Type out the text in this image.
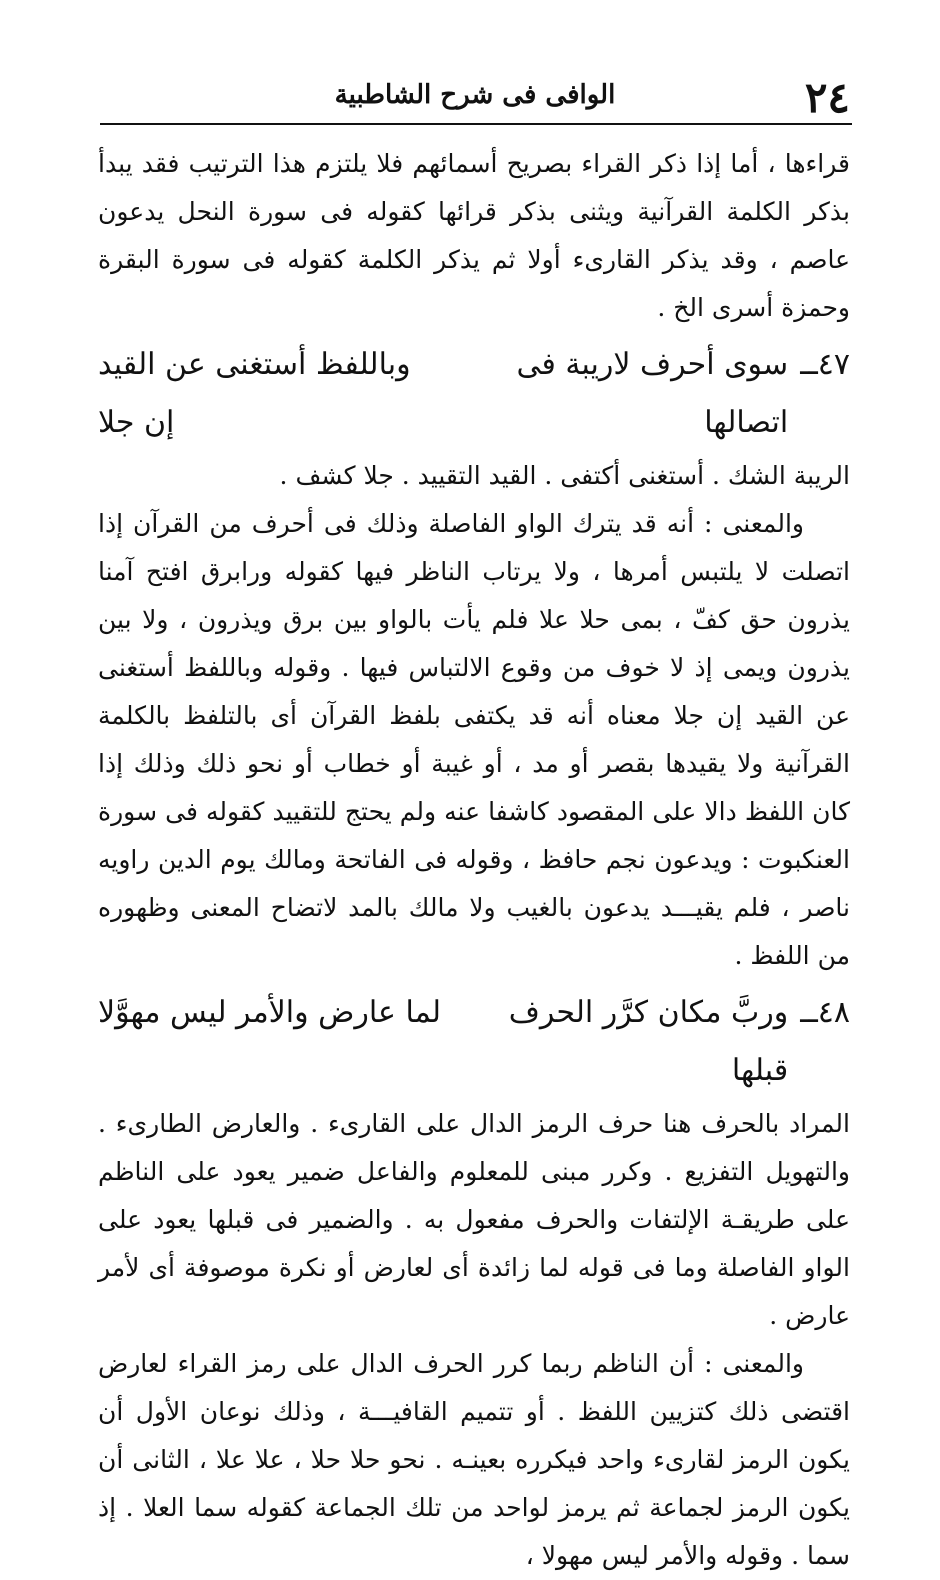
٢٤
الوافى فى شرح الشاطبية

قراءها ، أما إذا ذكر القراء بصريح أسمائهم فلا يلتزم هذا الترتيب فقد يبدأ بذكر الكلمة القرآنية ويثنى بذكر قرائها كقوله فى سورة النحل يدعون عاصم ، وقد يذكر القارىء أولا ثم يذكر الكلمة كقوله فى سورة البقرة وحمزة أسرى الخ .

٤٧ــ
سوى أحرف لاريبة فى اتصالها
وباللفظ أستغنى عن القيد إن جلا

الريبة الشك . أستغنى أكتفى . القيد التقييد . جلا كشف .

والمعنى : أنه قد يترك الواو الفاصلة وذلك فى أحرف من القرآن إذا اتصلت لا يلتبس أمرها ، ولا يرتاب الناظر فيها كقوله ورابرق افتح آمنا يذرون حق كفّ ، بمى حلا علا فلم يأت بالواو بين برق ويذرون ، ولا بين يذرون ويمى إذ لا خوف من وقوع الالتباس فيها . وقوله وباللفظ أستغنى عن القيد إن جلا معناه أنه قد يكتفى بلفظ القرآن أى بالتلفظ بالكلمة القرآنية ولا يقيدها بقصر أو مد ، أو غيبة أو خطاب أو نحو ذلك وذلك إذا كان اللفظ دالا على المقصود كاشفا عنه ولم يحتج للتقييد كقوله فى سورة العنكبوت : ويدعون نجم حافظ ، وقوله فى الفاتحة ومالك يوم الدين راويه ناصر ، فلم يقيـــد يدعون بالغيب ولا مالك بالمد لاتضاح المعنى وظهوره من اللفظ .

٤٨ــ
وربَّ مكان كرَّر الحرف قبلها
لما عارض والأمر ليس مهوَّلا

المراد بالحرف هنا حرف الرمز الدال على القارىء . والعارض الطارىء . والتهويل التفزيع . وكرر مبنى للمعلوم والفاعل ضمير يعود على الناظم على طريقـة الإلتفات والحرف مفعول به . والضمير فى قبلها يعود على الواو الفاصلة وما فى قوله لما زائدة أى لعارض أو نكرة موصوفة أى لأمر عارض .

والمعنى : أن الناظم ربما كرر الحرف الدال على رمز القراء لعارض اقتضى ذلك كتزيين اللفظ . أو تتميم القافيـــة ، وذلك نوعان الأول أن يكون الرمز لقارىء واحد فيكرره بعينـه . نحو حلا حلا ، علا علا ، الثانى أن يكون الرمز لجماعة ثم يرمز لواحد من تلك الجماعة كقوله سما العلا . إذ سما . وقوله والأمر ليس مهولا ،
